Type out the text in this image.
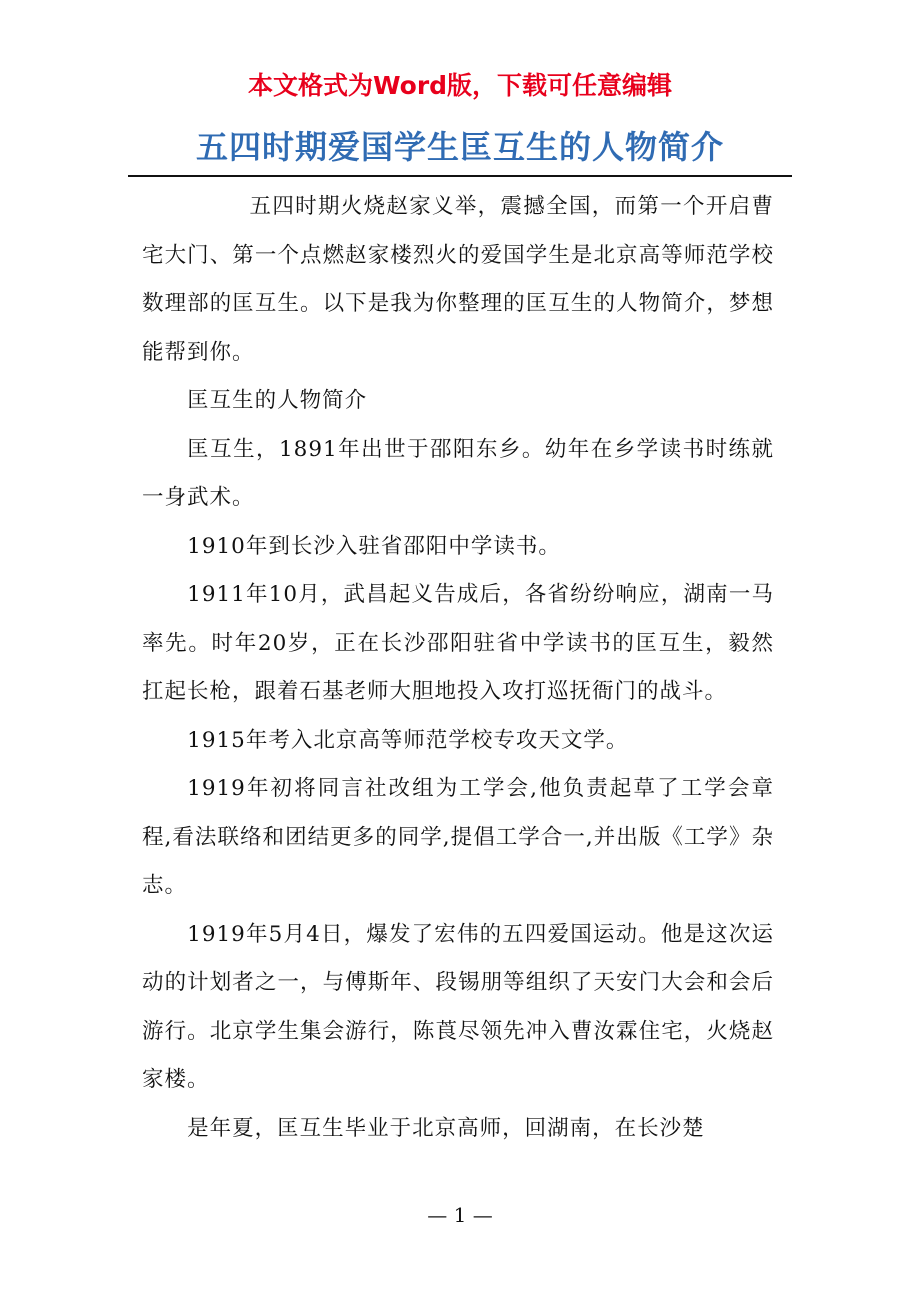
本文格式为Word版，下载可任意编辑
五四时期爱国学生匡互生的人物简介

五四时期火烧赵家义举，震撼全国，而第一个开启曹宅大门、第一个点燃赵家楼烈火的爱国学生是北京高等师范学校数理部的匡互生。以下是我为你整理的匡互生的人物简介，梦想能帮到你。

匡互生的人物简介

匡互生，1891年出世于邵阳东乡。幼年在乡学读书时练就一身武术。

1910年到长沙入驻省邵阳中学读书。

1911年10月，武昌起义告成后，各省纷纷响应，湖南一马率先。时年20岁，正在长沙邵阳驻省中学读书的匡互生，毅然扛起长枪，跟着石基老师大胆地投入攻打巡抚衙门的战斗。

1915年考入北京高等师范学校专攻天文学。

1919年初将同言社改组为工学会,他负责起草了工学会章程,看法联络和团结更多的同学,提倡工学合一,并出版《工学》杂志。

1919年5月4日，爆发了宏伟的五四爱国运动。他是这次运动的计划者之一，与傅斯年、段锡朋等组织了天安门大会和会后游行。北京学生集会游行，陈莨尽领先冲入曹汝霖住宅，火烧赵家楼。

是年夏，匡互生毕业于北京高师，回湖南，在长沙楚

— 1 —
